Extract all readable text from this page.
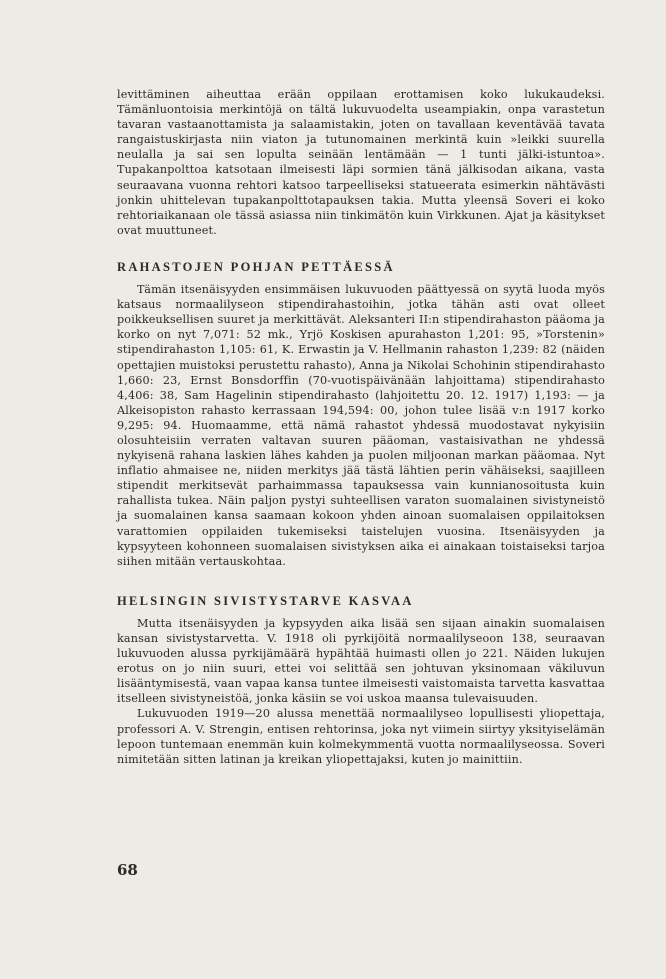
levittäminen aiheuttaa erään oppilaan erottamisen koko lukukaudeksi. Tämänluontoisia merkintöjä on tältä lukuvuodelta useampiakin, onpa varastetun tavaran vastaanottamista ja salaamistakin, joten on tavallaan keventävää tavata rangaistuskirjasta niin viaton ja tutunomainen merkintä kuin »leikki suurella neulalla ja sai sen lopulta seinään lentämään — 1 tunti jälki-istuntoa». Tupakanpolttoa katsotaan ilmeisesti läpi sormien tänä jälkisodan aikana, vasta seuraavana vuonna rehtori katsoo tarpeelliseksi statueerata esimerkin nähtävästi jonkin uhittelevan tupakanpolttotapauksen takia. Mutta yleensä Soveri ei koko rehtoriaikanaan ole tässä asiassa niin tinkimätön kuin Virkkunen. Ajat ja käsitykset ovat muuttuneet.

RAHASTOJEN POHJAN PETTÄESSÄ

Tämän itsenäisyyden ensimmäisen lukuvuoden päättyessä on syytä luoda myös katsaus normaalilyseon stipendirahastoihin, jotka tähän asti ovat olleet poikkeuksellisen suuret ja merkittävät. Aleksanteri II:n stipendirahaston pääoma ja korko on nyt 7,071: 52 mk., Yrjö Koskisen apurahaston 1,201: 95, »Torstenin» stipendirahaston 1,105: 61, K. Erwastin ja V. Hellmanin rahaston 1,239: 82 (näiden opettajien muistoksi perustettu rahasto), Anna ja Nikolai Schohinin stipendirahasto 1,660: 23, Ernst Bonsdorffin (70-vuotispäivänään lahjoittama) stipendirahasto 4,406: 38, Sam Hagelinin stipendirahasto (lahjoitettu 20. 12. 1917) 1,193: — ja Alkeisopiston rahasto kerrassaan 194,594: 00, johon tulee lisää v:n 1917 korko 9,295: 94. Huomaamme, että nämä rahastot yhdessä muodostavat nykyisiin olosuhteisiin verraten valtavan suuren pääoman, vastaisivathan ne yhdessä nykyisenä rahana laskien lähes kahden ja puolen miljoonan markan pääomaa. Nyt inflatio ahmaisee ne, niiden merkitys jää tästä lähtien perin vähäiseksi, saajilleen stipendit merkitsevät parhaimmassa tapauksessa vain kunnianosoitusta kuin rahallista tukea. Näin paljon pystyi suhteellisen varaton suomalainen sivistyneistö ja suomalainen kansa saamaan kokoon yhden ainoan suomalaisen oppilaitoksen varattomien oppilaiden tukemiseksi taistelujen vuosina. Itsenäisyyden ja kypsyyteen kohonneen suomalaisen sivistyksen aika ei ainakaan toistaiseksi tarjoa siihen mitään vertauskohtaa.

HELSINGIN SIVISTYSTARVE KASVAA

Mutta itsenäisyyden ja kypsyyden aika lisää sen sijaan ainakin suomalaisen kansan sivistystarvetta. V. 1918 oli pyrkijöitä normaalilyseoon 138, seuraavan lukuvuoden alussa pyrkijämäärä hypähtää huimasti ollen jo 221. Näiden lukujen erotus on jo niin suuri, ettei voi selittää sen johtuvan yksinomaan väkiluvun lisääntymisestä, vaan vapaa kansa tuntee ilmeisesti vaistomaista tarvetta kasvattaa itselleen sivistyneistöä, jonka käsiin se voi uskoa maansa tulevaisuuden.

Lukuvuoden 1919—20 alussa menettää normaalilyseo lopullisesti yliopettaja, professori A. V. Strengin, entisen rehtorinsa, joka nyt viimein siirtyy yksityiselämän lepoon tuntemaan enemmän kuin kolmekymmentä vuotta normaalilyseossa. Soveri nimitetään sitten latinan ja kreikan yliopettajaksi, kuten jo mainittiin.

68
